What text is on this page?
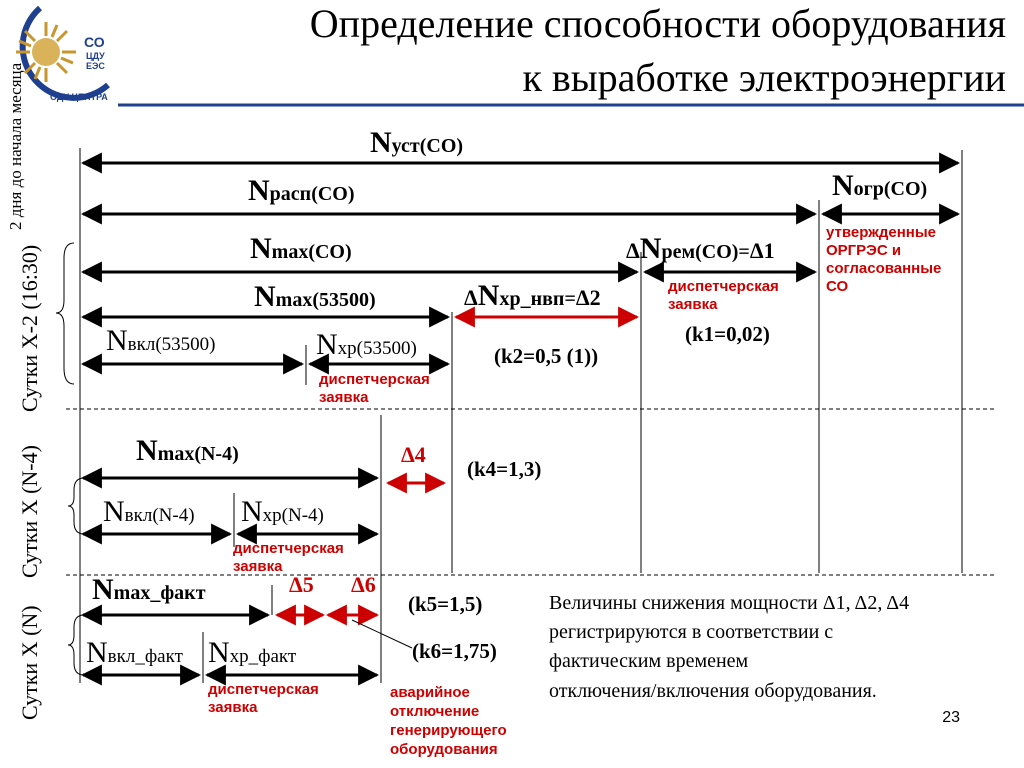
СО
ЦДУ
ЕЭС
ОДУ ЦЕНТРА
Определение способности оборудования
к выработке электроэнергии
2 дня до начала месяца
Сутки Х-2 (16:30)
Сутки Х (N-4)
Сутки Х (N)
Nуст(СО)
Nрасп(СО)	Nогр(СО)
Nmax(СО)	ΔNрем(СО)=Δ1
Nmax(53500)	ΔNхр_нвп=Δ2
Nвкл(53500)	Nхр(53500)
Nmax(N-4)
Nвкл(N-4) Nхр(N-4)
Nmax_факт
Nвкл_факт Nхр_факт
Δ4
Δ5 Δ6
(k1=0,02)
(k2=0,5 (1))
(k4=1,3)
(k5=1,5)
(k6=1,75)
утвержденные
ОРГРЭС и
согласованные
СО
диспетчерская
заявка
диспетчерская
заявка
диспетчерская
заявка
диспетчерская
заявка
аварийное
отключение
генерирующего
оборудования
Величины снижения мощности Δ1, Δ2, Δ4
регистрируются в соответствии с
фактическим временем
отключения/включения оборудования.
23
